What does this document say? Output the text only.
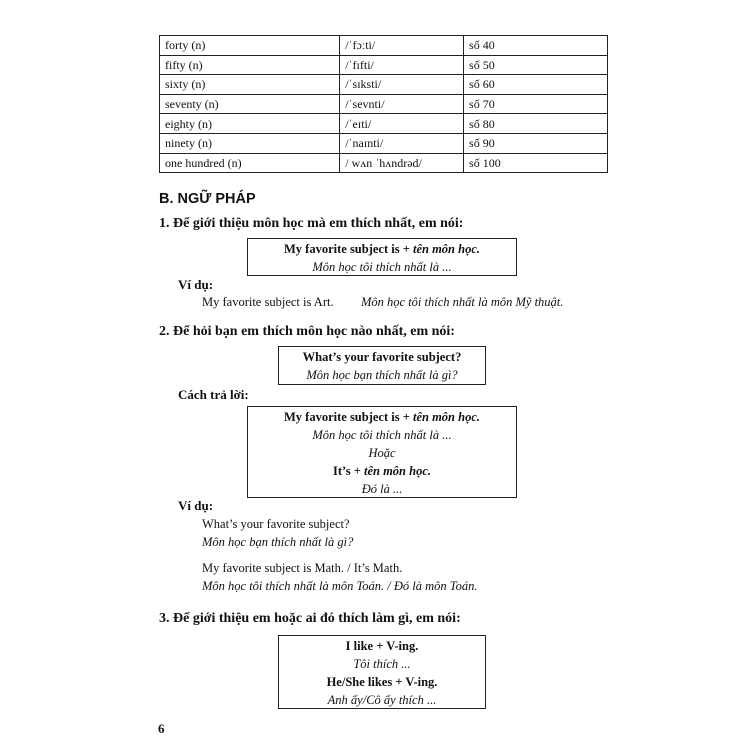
forty (n)	/ˈfɔːti/	số 40
fifty (n)	/ˈfɪfti/	số 50
sixty (n)	/ˈsɪksti/	số 60
seventy (n)	/ˈsevnti/	số 70
eighty (n)	/ˈeɪti/	số 80
ninety (n)	/ˈnaɪnti/	số 90
one hundred (n)	/ wʌn ˈhʌndrəd/	số 100
B. NGỮ PHÁP
1. Để giới thiệu môn học mà em thích nhất, em nói:
My favorite subject is + tên môn học.
Môn học tôi thích nhất là ...
Ví dụ:
My favorite subject is Art. Môn học tôi thích nhất là môn Mỹ thuật.
2. Để hỏi bạn em thích môn học nào nhất, em nói:
What’s your favorite subject?
Môn học bạn thích nhất là gì?
Cách trả lời:
My favorite subject is + tên môn học.
Môn học tôi thích nhất là ...
Hoặc
It’s + tên môn học.
Đó là ...
Ví dụ:
What’s your favorite subject?
Môn học bạn thích nhất là gì?
My favorite subject is Math. / It’s Math.
Môn học tôi thích nhất là môn Toán. / Đó là môn Toán.
3. Để giới thiệu em hoặc ai đó thích làm gì, em nói:
I like + V-ing.
Tôi thích ...
He/She likes + V-ing.
Anh ấy/Cô ấy thích ...
6
